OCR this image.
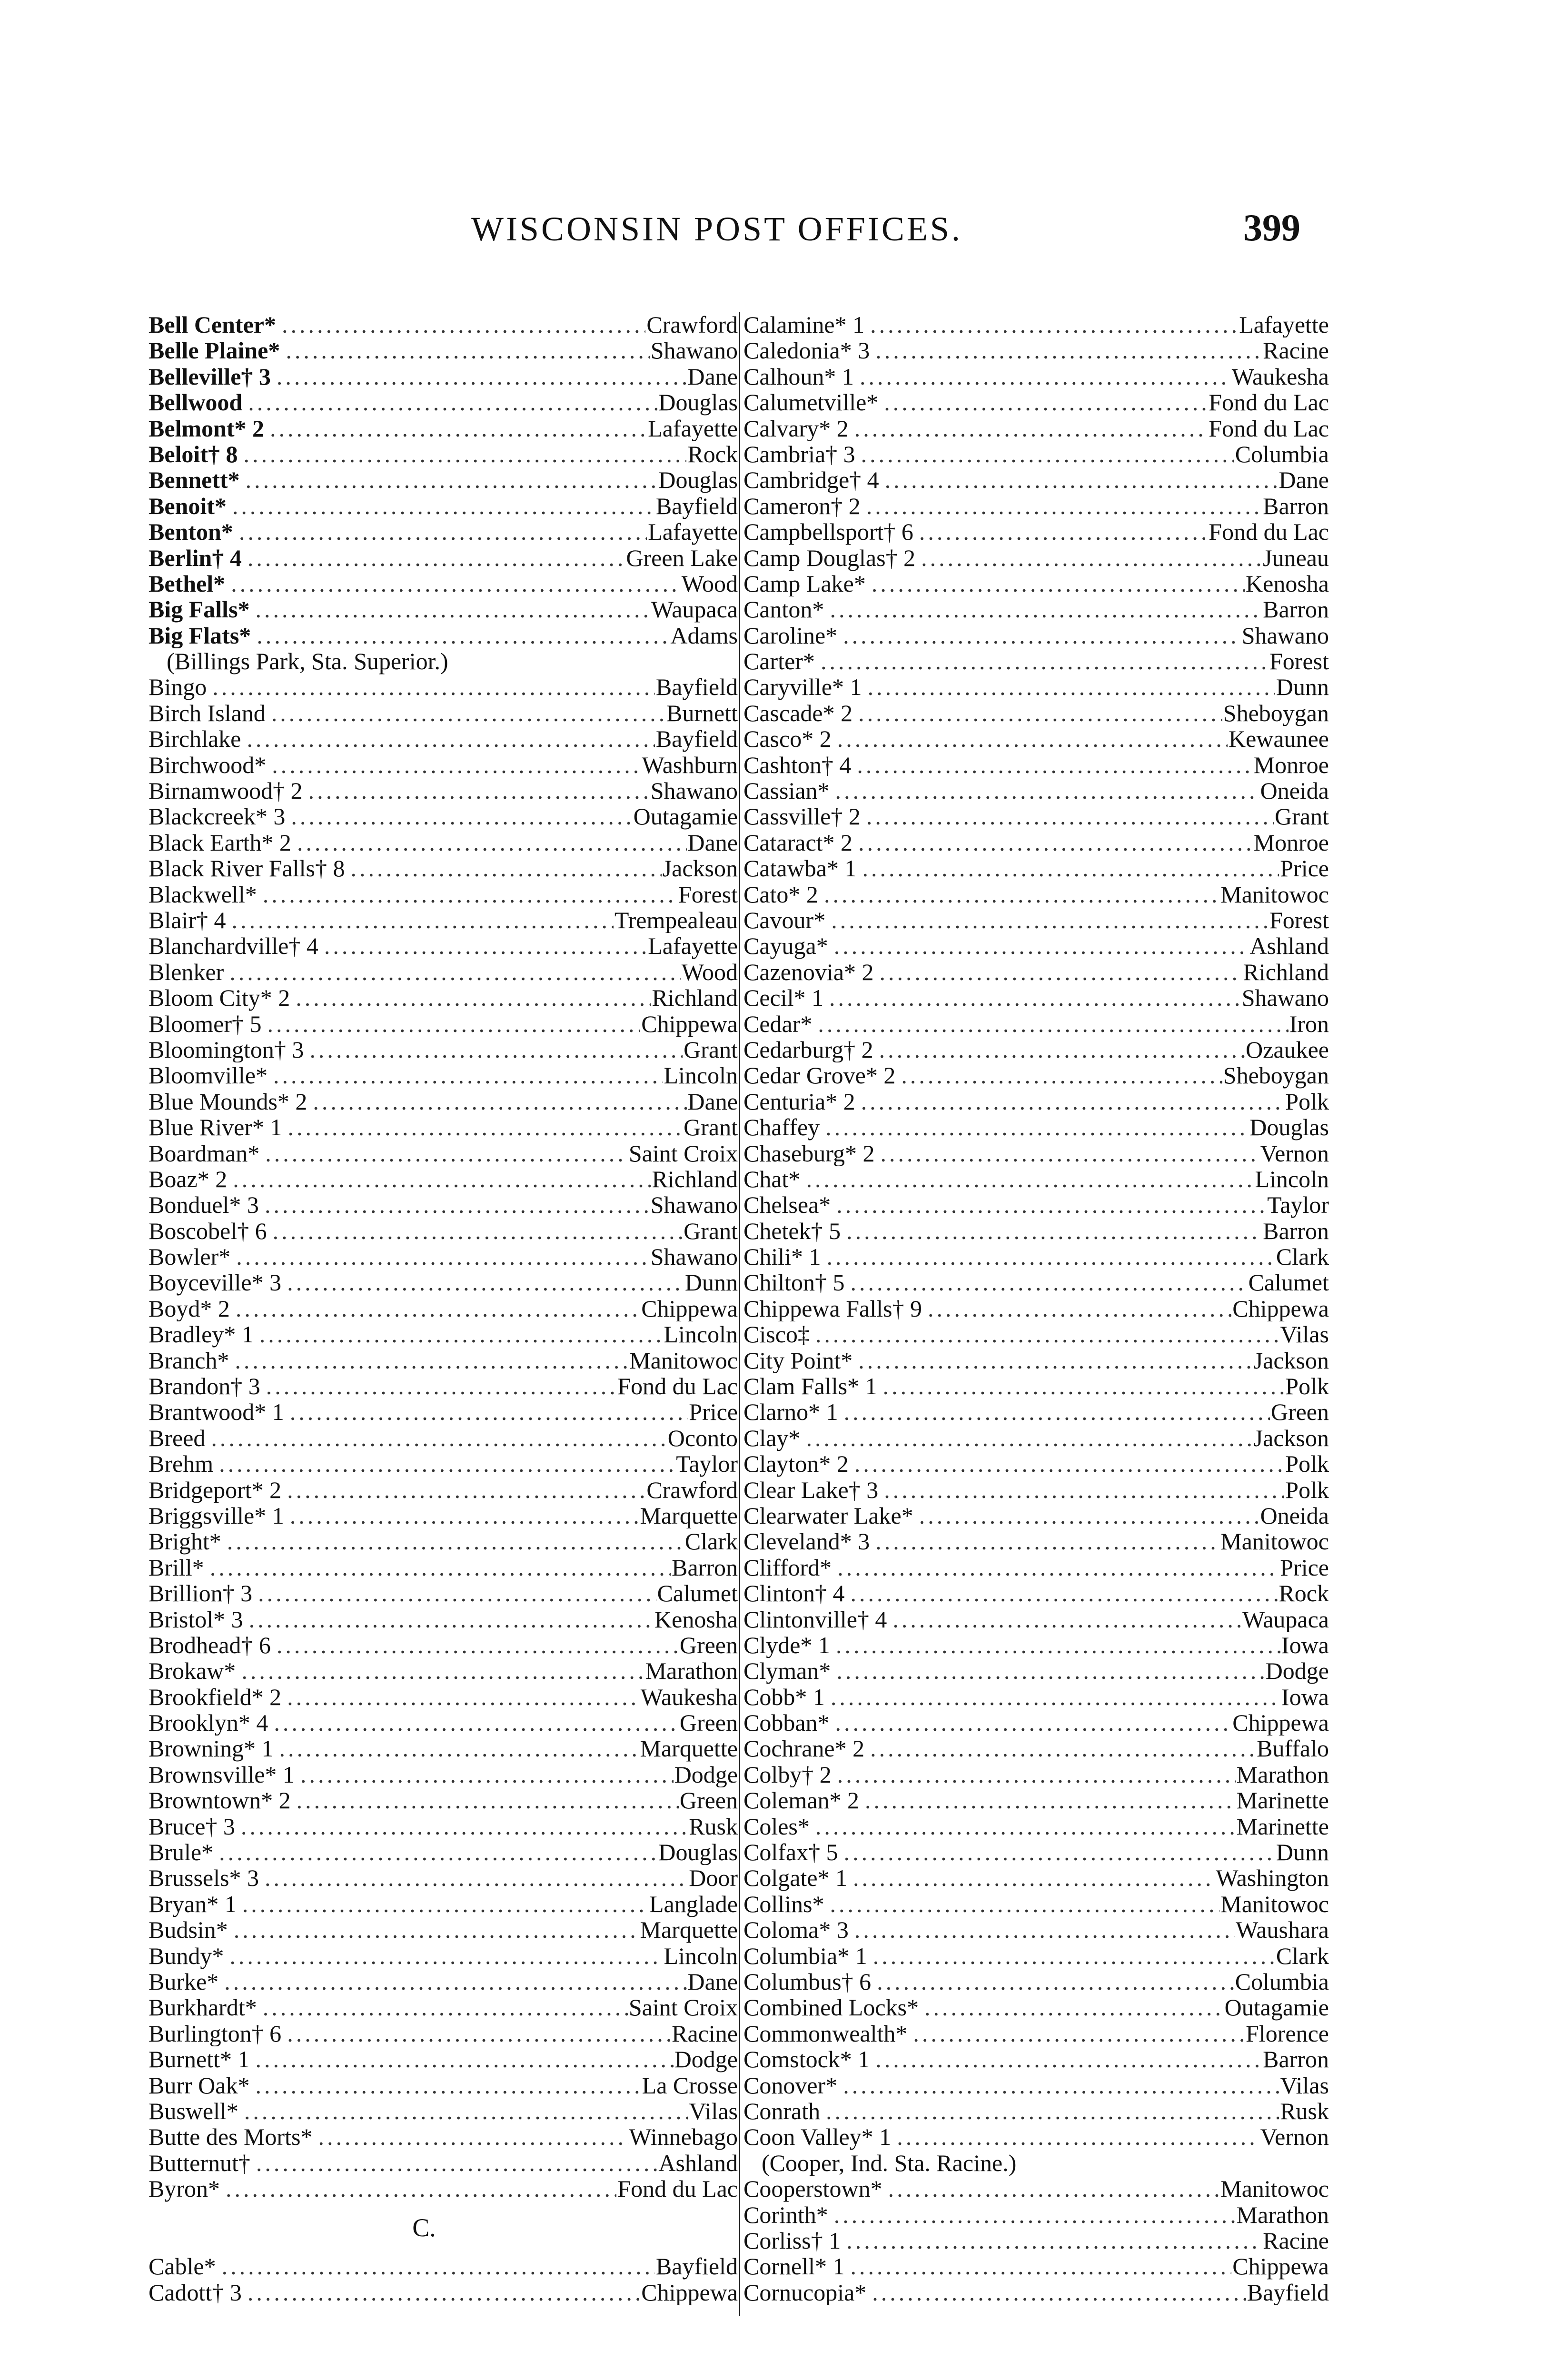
WISCONSIN POST OFFICES.	399
Bell Center* .....	Crawford
Belle Plaine* .....	Shawano
Belleville† 3 .....	Dane
Bellwood .....	Douglas
Belmont* 2 .....	Lafayette
Beloit† 8 .....	Rock
Bennett* .....	Douglas
Benoit* .....	Bayfield
Benton* .....	Lafayette
Berlin† 4 .....	Green Lake
Bethel* .....	Wood
Big Falls* .....	Waupaca
Big Flats* .....	Adams
(Billings Park, Sta. Superior.)
Bingo .....	Bayfield
Birch Island .....	Burnett
Birchlake .....	Bayfield
Birchwood* .....	Washburn
Birnamwood† 2 .....	Shawano
Blackcreek* 3 .....	Outagamie
Black Earth* 2 .....	Dane
Black River Falls† 8 .....	Jackson
Blackwell* .....	Forest
Blair† 4 .....	Trempealeau
Blanchardville† 4 .....	Lafayette
Blenker .....	Wood
Bloom City* 2 .....	Richland
Bloomer† 5 .....	Chippewa
Bloomington† 3 .....	Grant
Bloomville* .....	Lincoln
Blue Mounds* 2 .....	Dane
Blue River* 1 .....	Grant
Boardman* .....	Saint Croix
Boaz* 2 .....	Richland
Bonduel* 3 .....	Shawano
Boscobel† 6 .....	Grant
Bowler* .....	Shawano
Boyceville* 3 .....	Dunn
Boyd* 2 .....	Chippewa
Bradley* 1 .....	Lincoln
Branch* .....	Manitowoc
Brandon† 3 .....	Fond du Lac
Brantwood* 1 .....	Price
Breed .....	Oconto
Brehm .....	Taylor
Bridgeport* 2 .....	Crawford
Briggsville* 1 .....	Marquette
Bright* .....	Clark
Brill* .....	Barron
Brillion† 3 .....	Calumet
Bristol* 3 .....	Kenosha
Brodhead† 6 .....	Green
Brokaw* .....	Marathon
Brookfield* 2 .....	Waukesha
Brooklyn* 4 .....	Green
Browning* 1 .....	Marquette
Brownsville* 1 .....	Dodge
Browntown* 2 .....	Green
Bruce† 3 .....	Rusk
Brule* .....	Douglas
Brussels* 3 .....	Door
Bryan* 1 .....	Langlade
Budsin* .....	Marquette
Bundy* .....	Lincoln
Burke* .....	Dane
Burkhardt* .....	Saint Croix
Burlington† 6 .....	Racine
Burnett* 1 .....	Dodge
Burr Oak* .....	La Crosse
Buswell* .....	Vilas
Butte des Morts* .....	Winnebago
Butternut† .....	Ashland
Byron* .....	Fond du Lac
C.
Cable* .....	Bayfield
Cadott† 3 .....	Chippewa
Calamine* 1 .....	Lafayette
Caledonia* 3 .....	Racine
Calhoun* 1 .....	Waukesha
Calumetville* .....	Fond du Lac
Calvary* 2 .....	Fond du Lac
Cambria† 3 .....	Columbia
Cambridge† 4 .....	Dane
Cameron† 2 .....	Barron
Campbellsport† 6 .....	Fond du Lac
Camp Douglas† 2 .....	Juneau
Camp Lake* .....	Kenosha
Canton* .....	Barron
Caroline* .....	Shawano
Carter* .....	Forest
Caryville* 1 .....	Dunn
Cascade* 2 .....	Sheboygan
Casco* 2 .....	Kewaunee
Cashton† 4 .....	Monroe
Cassian* .....	Oneida
Cassville† 2 .....	Grant
Cataract* 2 .....	Monroe
Catawba* 1 .....	Price
Cato* 2 .....	Manitowoc
Cavour* .....	Forest
Cayuga* .....	Ashland
Cazenovia* 2 .....	Richland
Cecil* 1 .....	Shawano
Cedar* .....	Iron
Cedarburg† 2 .....	Ozaukee
Cedar Grove* 2 .....	Sheboygan
Centuria* 2 .....	Polk
Chaffey .....	Douglas
Chaseburg* 2 .....	Vernon
Chat* .....	Lincoln
Chelsea* .....	Taylor
Chetek† 5 .....	Barron
Chili* 1 .....	Clark
Chilton† 5 .....	Calumet
Chippewa Falls† 9 .....	Chippewa
Cisco‡ .....	Vilas
City Point* .....	Jackson
Clam Falls* 1 .....	Polk
Clarno* 1 .....	Green
Clay* .....	Jackson
Clayton* 2 .....	Polk
Clear Lake† 3 .....	Polk
Clearwater Lake* .....	Oneida
Cleveland* 3 .....	Manitowoc
Clifford* .....	Price
Clinton† 4 .....	Rock
Clintonville† 4 .....	Waupaca
Clyde* 1 .....	Iowa
Clyman* .....	Dodge
Cobb* 1 .....	Iowa
Cobban* .....	Chippewa
Cochrane* 2 .....	Buffalo
Colby† 2 .....	Marathon
Coleman* 2 .....	Marinette
Coles* .....	Marinette
Colfax† 5 .....	Dunn
Colgate* 1 .....	Washington
Collins* .....	Manitowoc
Coloma* 3 .....	Waushara
Columbia* 1 .....	Clark
Columbus† 6 .....	Columbia
Combined Locks* .....	Outagamie
Commonwealth* .....	Florence
Comstock* 1 .....	Barron
Conover* .....	Vilas
Conrath .....	Rusk
Coon Valley* 1 .....	Vernon
(Cooper, Ind. Sta. Racine.)
Cooperstown* .....	Manitowoc
Corinth* .....	Marathon
Corliss† 1 .....	Racine
Cornell* 1 .....	Chippewa
Cornucopia* .....	Bayfield
